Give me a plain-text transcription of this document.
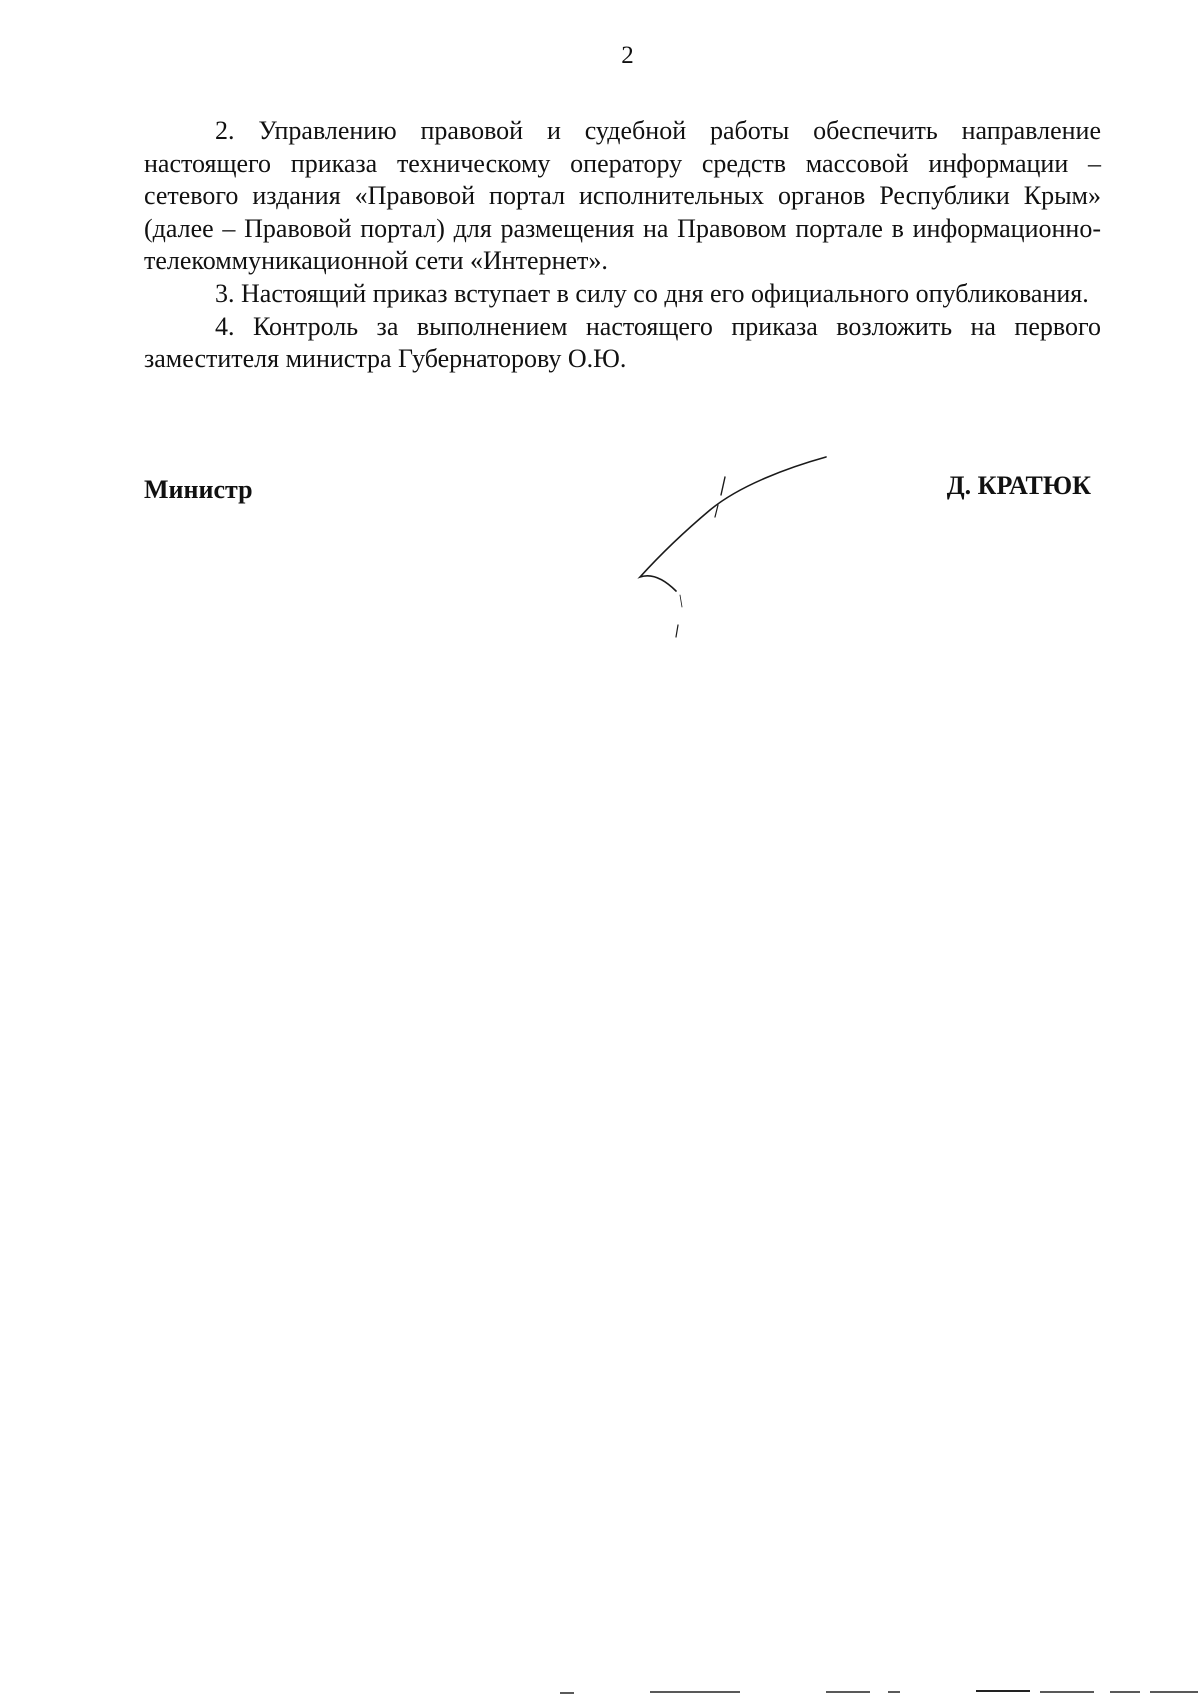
2

2. Управлению правовой и судебной работы обеспечить направление настоящего приказа техническому оператору средств массовой информации – сетевого издания «Правовой портал исполнительных органов Республики Крым» (далее – Правовой портал) для размещения на Правовом портале в информационно-телекоммуникационной сети «Интернет».

3. Настоящий приказ вступает в силу со дня его официального опубликования.

4. Контроль за выполнением настоящего приказа возложить на первого заместителя министра Губернаторову О.Ю.

Министр	Д. КРАТЮК
